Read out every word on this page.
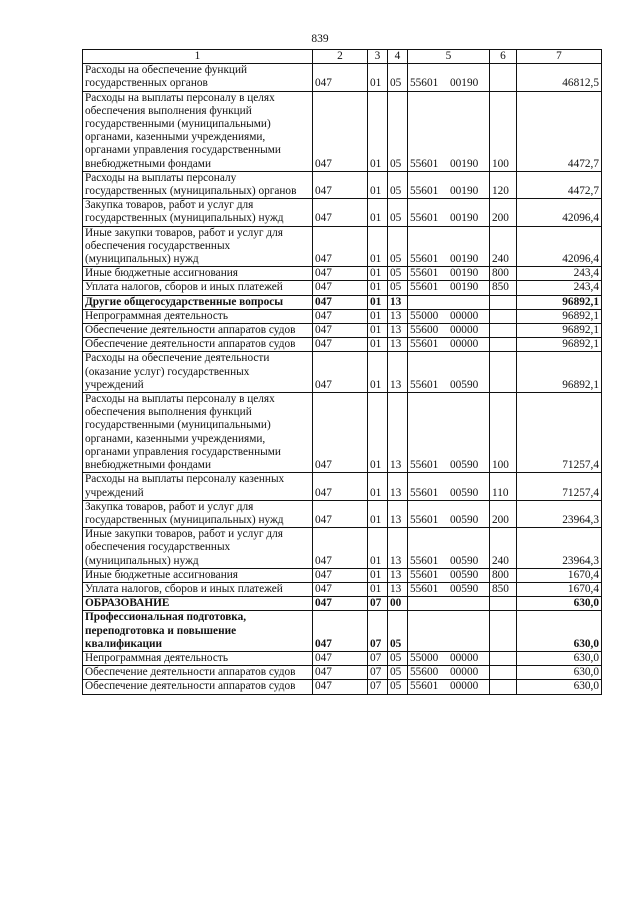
839
1	2	3	4	5	6	7
Расходы на обеспечение функций государственных органов	047	01	05	55601 00190		46812,5
Расходы на выплаты персоналу в целях обеспечения выполнения функций государственными (муниципальными) органами, казенными учреждениями, органами управления государственными внебюджетными фондами	047	01	05	55601 00190	100	4472,7
Расходы на выплаты персоналу государственных (муниципальных) органов	047	01	05	55601 00190	120	4472,7
Закупка товаров, работ и услуг для государственных (муниципальных) нужд	047	01	05	55601 00190	200	42096,4
Иные закупки товаров, работ и услуг для обеспечения государственных (муниципальных) нужд	047	01	05	55601 00190	240	42096,4
Иные бюджетные ассигнования	047	01	05	55601 00190	800	243,4
Уплата налогов, сборов и иных платежей	047	01	05	55601 00190	850	243,4
Другие общегосударственные вопросы	047	01	13			96892,1
Непрограммная деятельность	047	01	13	55000 00000		96892,1
Обеспечение деятельности аппаратов судов	047	01	13	55600 00000		96892,1
Обеспечение деятельности аппаратов судов	047	01	13	55601 00000		96892,1
Расходы на обеспечение деятельности (оказание услуг) государственных учреждений	047	01	13	55601 00590		96892,1
Расходы на выплаты персоналу в целях обеспечения выполнения функций государственными (муниципальными) органами, казенными учреждениями, органами управления государственными внебюджетными фондами	047	01	13	55601 00590	100	71257,4
Расходы на выплаты персоналу казенных учреждений	047	01	13	55601 00590	110	71257,4
Закупка товаров, работ и услуг для государственных (муниципальных) нужд	047	01	13	55601 00590	200	23964,3
Иные закупки товаров, работ и услуг для обеспечения государственных (муниципальных) нужд	047	01	13	55601 00590	240	23964,3
Иные бюджетные ассигнования	047	01	13	55601 00590	800	1670,4
Уплата налогов, сборов и иных платежей	047	01	13	55601 00590	850	1670,4
ОБРАЗОВАНИЕ	047	07	00			630,0
Профессиональная подготовка, переподготовка и повышение квалификации	047	07	05			630,0
Непрограммная деятельность	047	07	05	55000 00000		630,0
Обеспечение деятельности аппаратов судов	047	07	05	55600 00000		630,0
Обеспечение деятельности аппаратов судов	047	07	05	55601 00000		630,0
